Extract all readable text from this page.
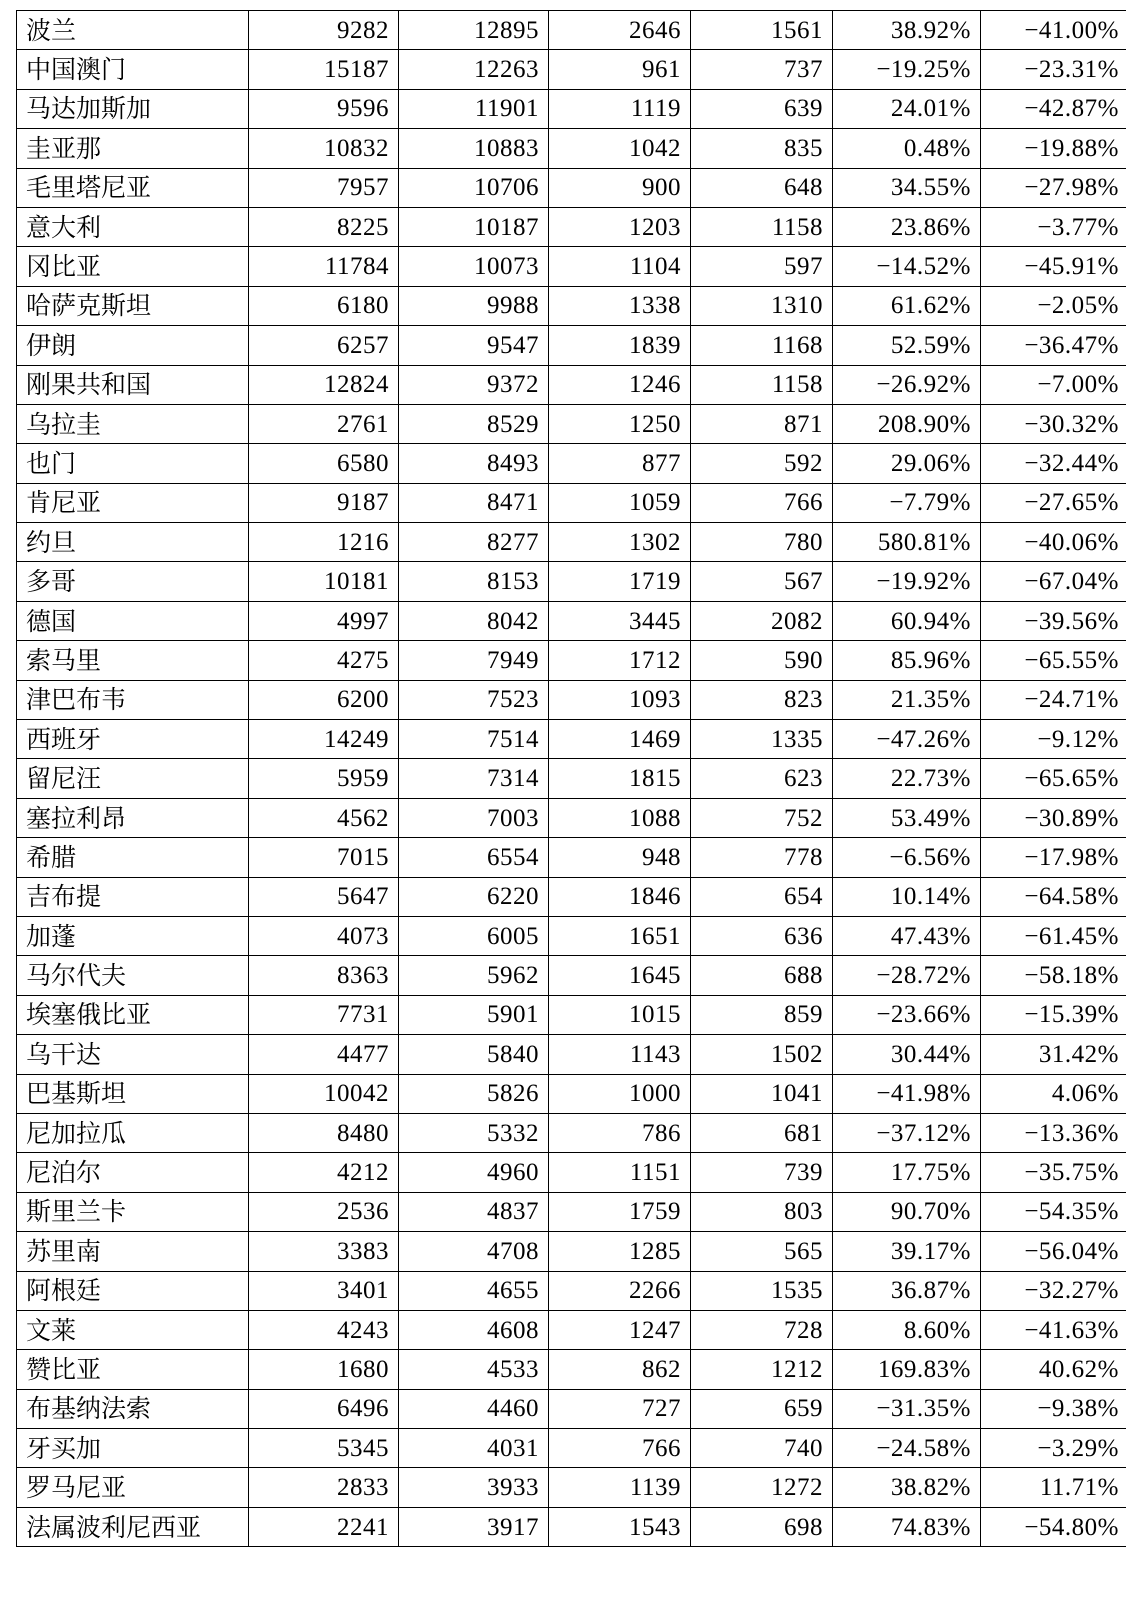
波兰	9282	12895	2646	1561	38.92%	−41.00%
中国澳门	15187	12263	961	737	−19.25%	−23.31%
马达加斯加	9596	11901	1119	639	24.01%	−42.87%
圭亚那	10832	10883	1042	835	0.48%	−19.88%
毛里塔尼亚	7957	10706	900	648	34.55%	−27.98%
意大利	8225	10187	1203	1158	23.86%	−3.77%
冈比亚	11784	10073	1104	597	−14.52%	−45.91%
哈萨克斯坦	6180	9988	1338	1310	61.62%	−2.05%
伊朗	6257	9547	1839	1168	52.59%	−36.47%
刚果共和国	12824	9372	1246	1158	−26.92%	−7.00%
乌拉圭	2761	8529	1250	871	208.90%	−30.32%
也门	6580	8493	877	592	29.06%	−32.44%
肯尼亚	9187	8471	1059	766	−7.79%	−27.65%
约旦	1216	8277	1302	780	580.81%	−40.06%
多哥	10181	8153	1719	567	−19.92%	−67.04%
德国	4997	8042	3445	2082	60.94%	−39.56%
索马里	4275	7949	1712	590	85.96%	−65.55%
津巴布韦	6200	7523	1093	823	21.35%	−24.71%
西班牙	14249	7514	1469	1335	−47.26%	−9.12%
留尼汪	5959	7314	1815	623	22.73%	−65.65%
塞拉利昂	4562	7003	1088	752	53.49%	−30.89%
希腊	7015	6554	948	778	−6.56%	−17.98%
吉布提	5647	6220	1846	654	10.14%	−64.58%
加蓬	4073	6005	1651	636	47.43%	−61.45%
马尔代夫	8363	5962	1645	688	−28.72%	−58.18%
埃塞俄比亚	7731	5901	1015	859	−23.66%	−15.39%
乌干达	4477	5840	1143	1502	30.44%	31.42%
巴基斯坦	10042	5826	1000	1041	−41.98%	4.06%
尼加拉瓜	8480	5332	786	681	−37.12%	−13.36%
尼泊尔	4212	4960	1151	739	17.75%	−35.75%
斯里兰卡	2536	4837	1759	803	90.70%	−54.35%
苏里南	3383	4708	1285	565	39.17%	−56.04%
阿根廷	3401	4655	2266	1535	36.87%	−32.27%
文莱	4243	4608	1247	728	8.60%	−41.63%
赞比亚	1680	4533	862	1212	169.83%	40.62%
布基纳法索	6496	4460	727	659	−31.35%	−9.38%
牙买加	5345	4031	766	740	−24.58%	−3.29%
罗马尼亚	2833	3933	1139	1272	38.82%	11.71%
法属波利尼西亚	2241	3917	1543	698	74.83%	−54.80%
